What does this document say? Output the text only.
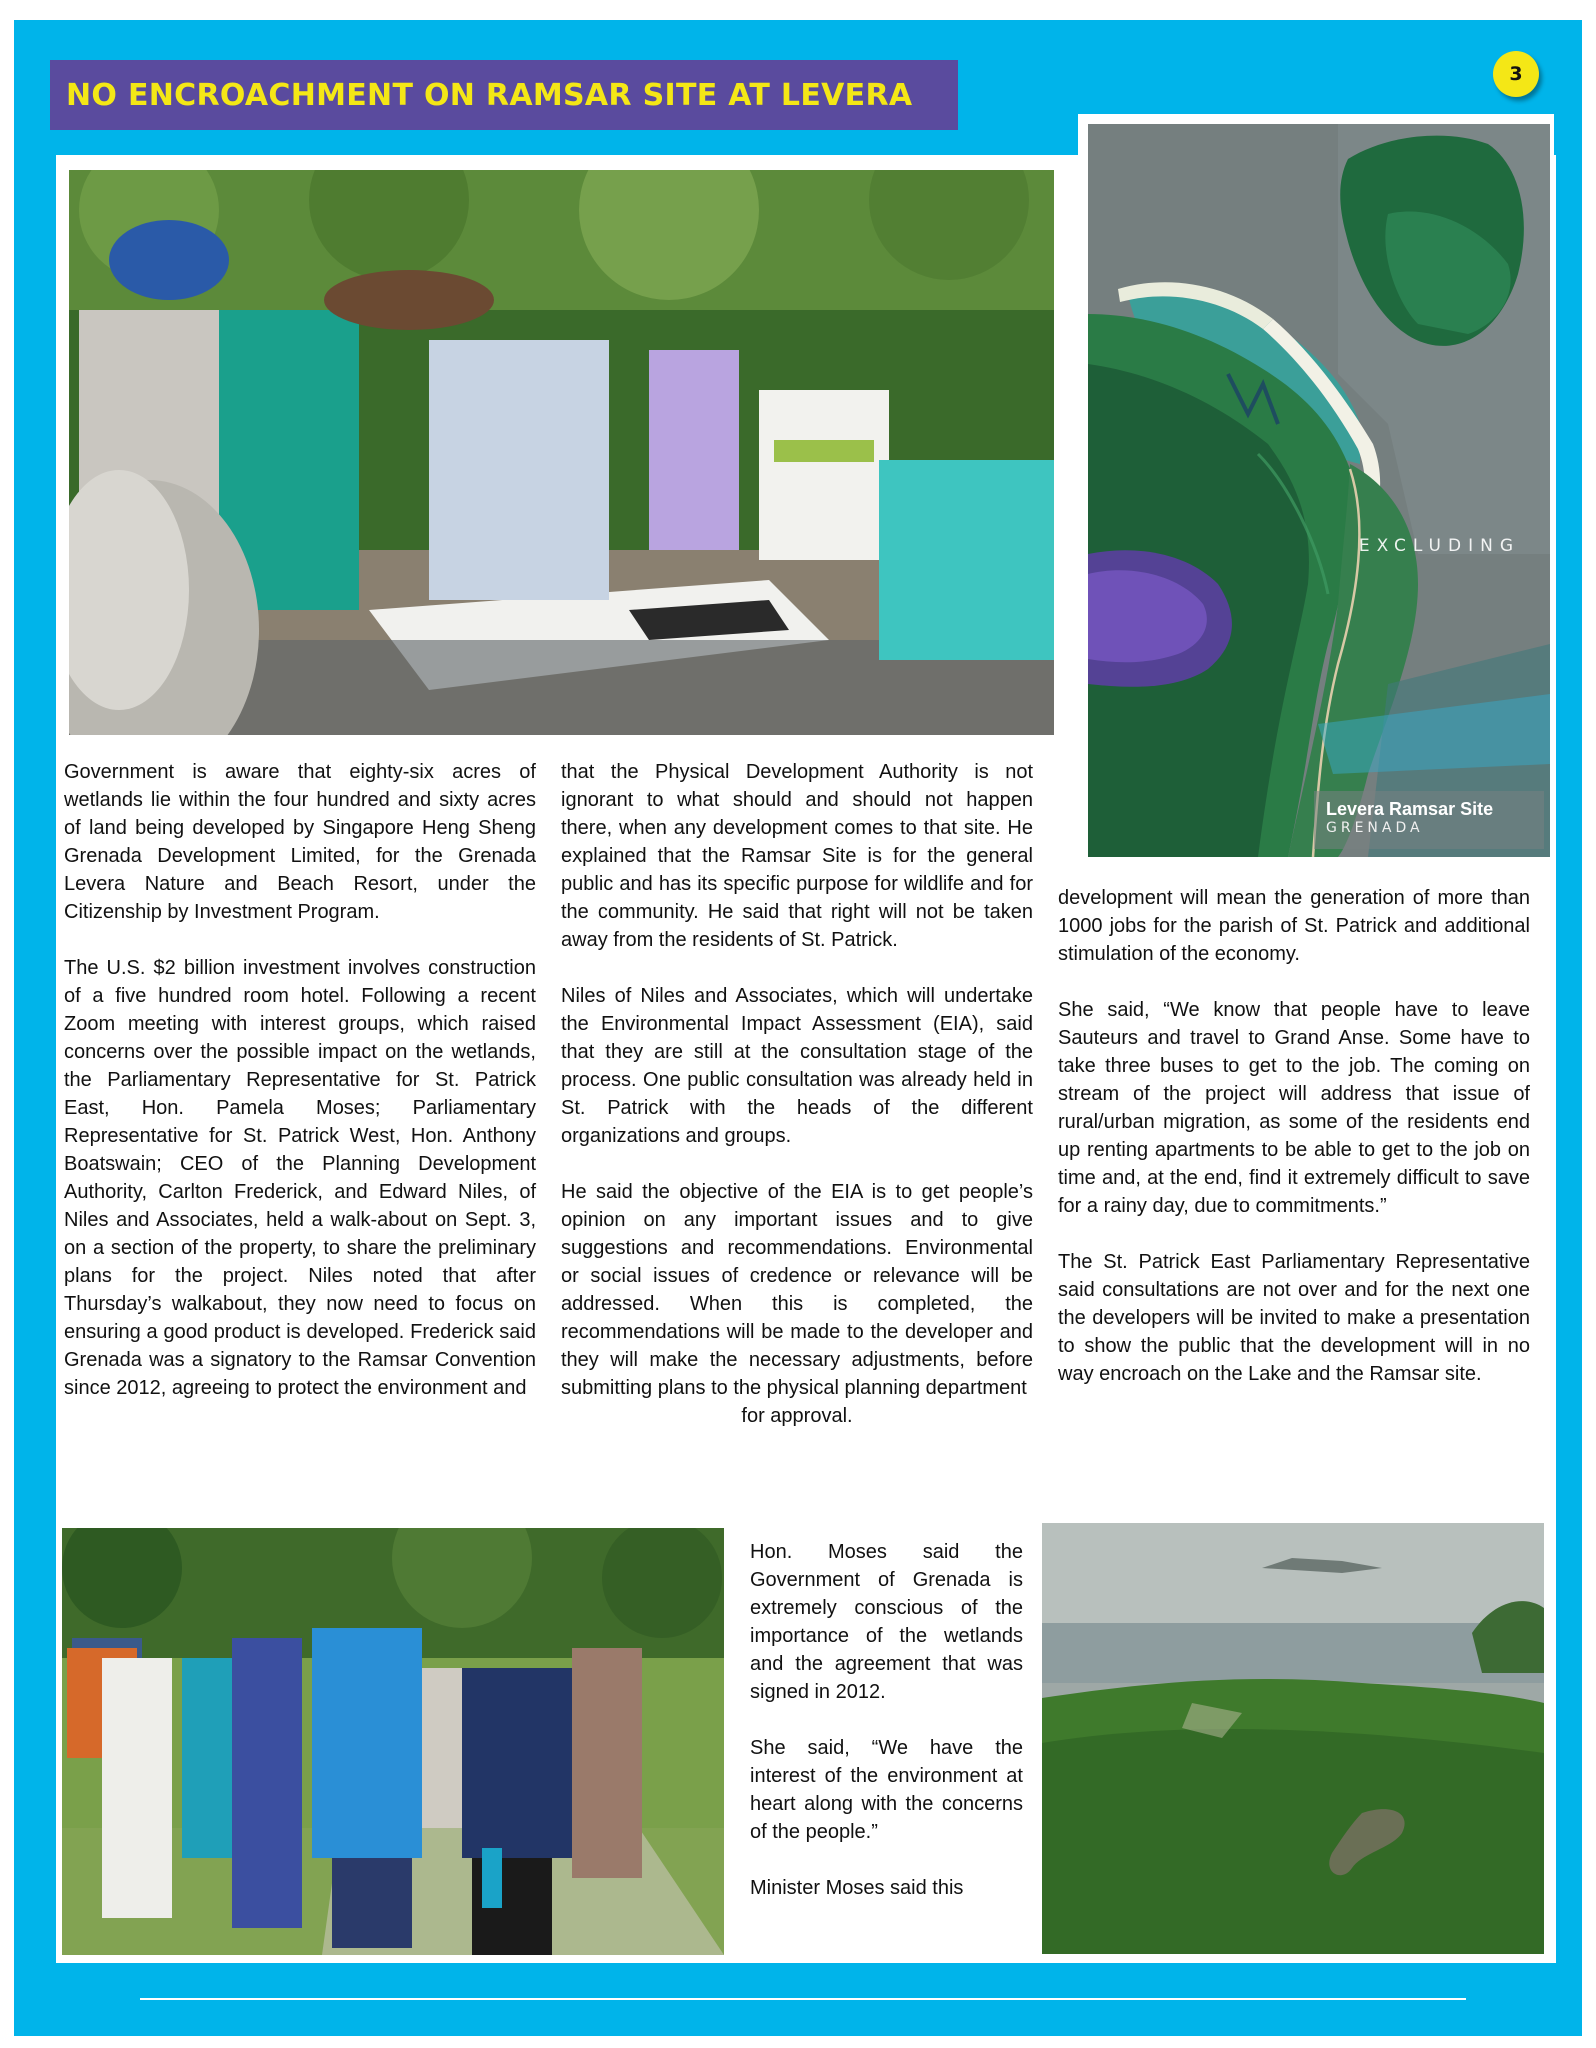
NO ENCROACHMENT ON RAMSAR SITE AT LEVERA
3
EXCLUDING
Levera Ramsar Site
GRENADA

Government is aware that eighty-six acres of wetlands lie within the four hundred and sixty acres of land being developed by Singapore Heng Sheng Grenada Development Limited, for the Grenada Levera Nature and Beach Resort, under the Citizenship by Investment Program.

The U.S. $2 billion investment involves construction of a five hundred room hotel. Following a recent Zoom meeting with interest groups, which raised concerns over the possible impact on the wetlands, the Parliamentary Representative for St. Patrick East, Hon. Pamela Moses; Parliamentary Representative for St. Patrick West, Hon. Anthony Boatswain; CEO of the Planning Development Authority, Carlton Frederick, and Edward Niles, of Niles and Associates, held a walk-about on Sept. 3, on a section of the property, to share the preliminary plans for the project. Niles noted that after Thursday’s walkabout, they now need to focus on ensuring a good product is developed. Frederick said Grenada was a signatory to the Ramsar Convention since 2012, agreeing to protect the environment and

that the Physical Development Authority is not ignorant to what should and should not happen there, when any development comes to that site. He explained that the Ramsar Site is for the general public and has its specific purpose for wildlife and for the community. He said that right will not be taken away from the residents of St. Patrick.

Niles of Niles and Associates, which will undertake the Environmental Impact Assessment (EIA), said that they are still at the consultation stage of the process. One public consultation was already held in St. Patrick with the heads of the different organizations and groups.

He said the objective of the EIA is to get people’s opinion on any important issues and to give suggestions and recommendations. Environmental or social issues of credence or relevance will be addressed. When this is completed, the recommendations will be made to the developer and they will make the necessary adjustments, before submitting plans to the physical planning department

for approval.

Hon. Moses said the Government of Grenada is extremely conscious of the importance of the wetlands and the agreement that was signed in 2012.

She said, “We have the interest of the environment at heart along with the concerns of the people.”

Minister Moses said this

development will mean the generation of more than 1000 jobs for the parish of St. Patrick and additional stimulation of the economy.

She said, “We know that people have to leave Sauteurs and travel to Grand Anse. Some have to take three buses to get to the job. The coming on stream of the project will address that issue of rural/urban migration, as some of the residents end up renting apartments to be able to get to the job on time and, at the end, find it extremely difficult to save for a rainy day, due to commitments.”

The St. Patrick East Parliamentary Representative said consultations are not over and for the next one the developers will be invited to make a presentation to show the public that the development will in no way encroach on the Lake and the Ramsar site.
